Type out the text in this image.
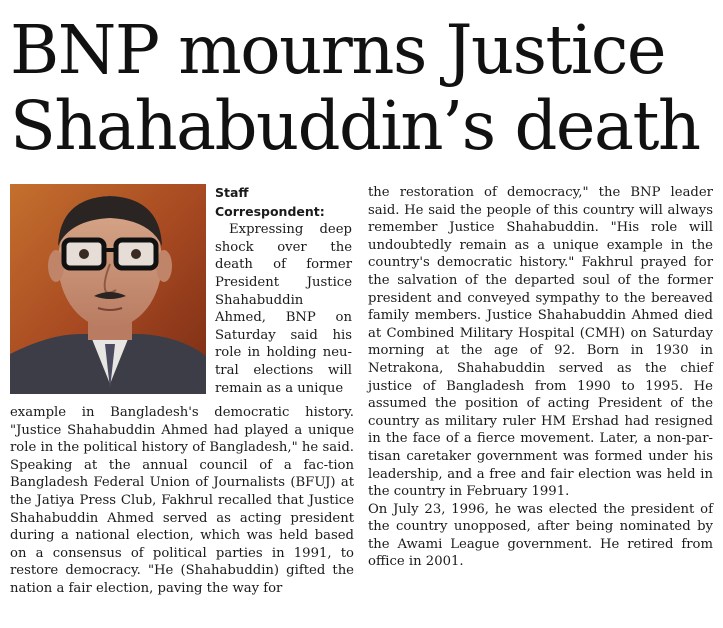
BNP mourns Justice Shahabuddin’s death

Staff Correspondent:
Expressing deep shock over the death of former President Justice Shahabuddin Ahmed, BNP on Saturday said his role in holding neu-tral elections will remain as a unique

example in Bangladesh's democratic history. "Justice Shahabuddin Ahmed had played a unique role in the political history of Bangladesh," he said. Speaking at the annual council of a fac-tion Bangladesh Federal Union of Journalists (BFUJ) at the Jatiya Press Club, Fakhrul recalled that Justice Shahabuddin Ahmed served as acting president during a national election, which was held based on a consensus of political parties in 1991, to restore democracy. "He (Shahabuddin) gifted the nation a fair election, paving the way for

the restoration of democracy," the BNP leader said. He said the people of this country will always remember Justice Shahabuddin. "His role will undoubtedly remain as a unique example in the country's democratic history." Fakhrul prayed for the salvation of the departed soul of the former president and conveyed sympathy to the bereaved family members. Justice Shahabuddin Ahmed died at Combined Military Hospital (CMH) on Saturday morning at the age of 92. Born in 1930 in Netrakona, Shahabuddin served as the chief justice of Bangladesh from 1990 to 1995. He assumed the position of acting President of the country as military ruler HM Ershad had resigned in the face of a fierce movement. Later, a non-par-tisan caretaker government was formed under his leadership, and a free and fair election was held in the country in February 1991.

On July 23, 1996, he was elected the president of the country unopposed, after being nominated by the Awami League government. He retired from office in 2001.
